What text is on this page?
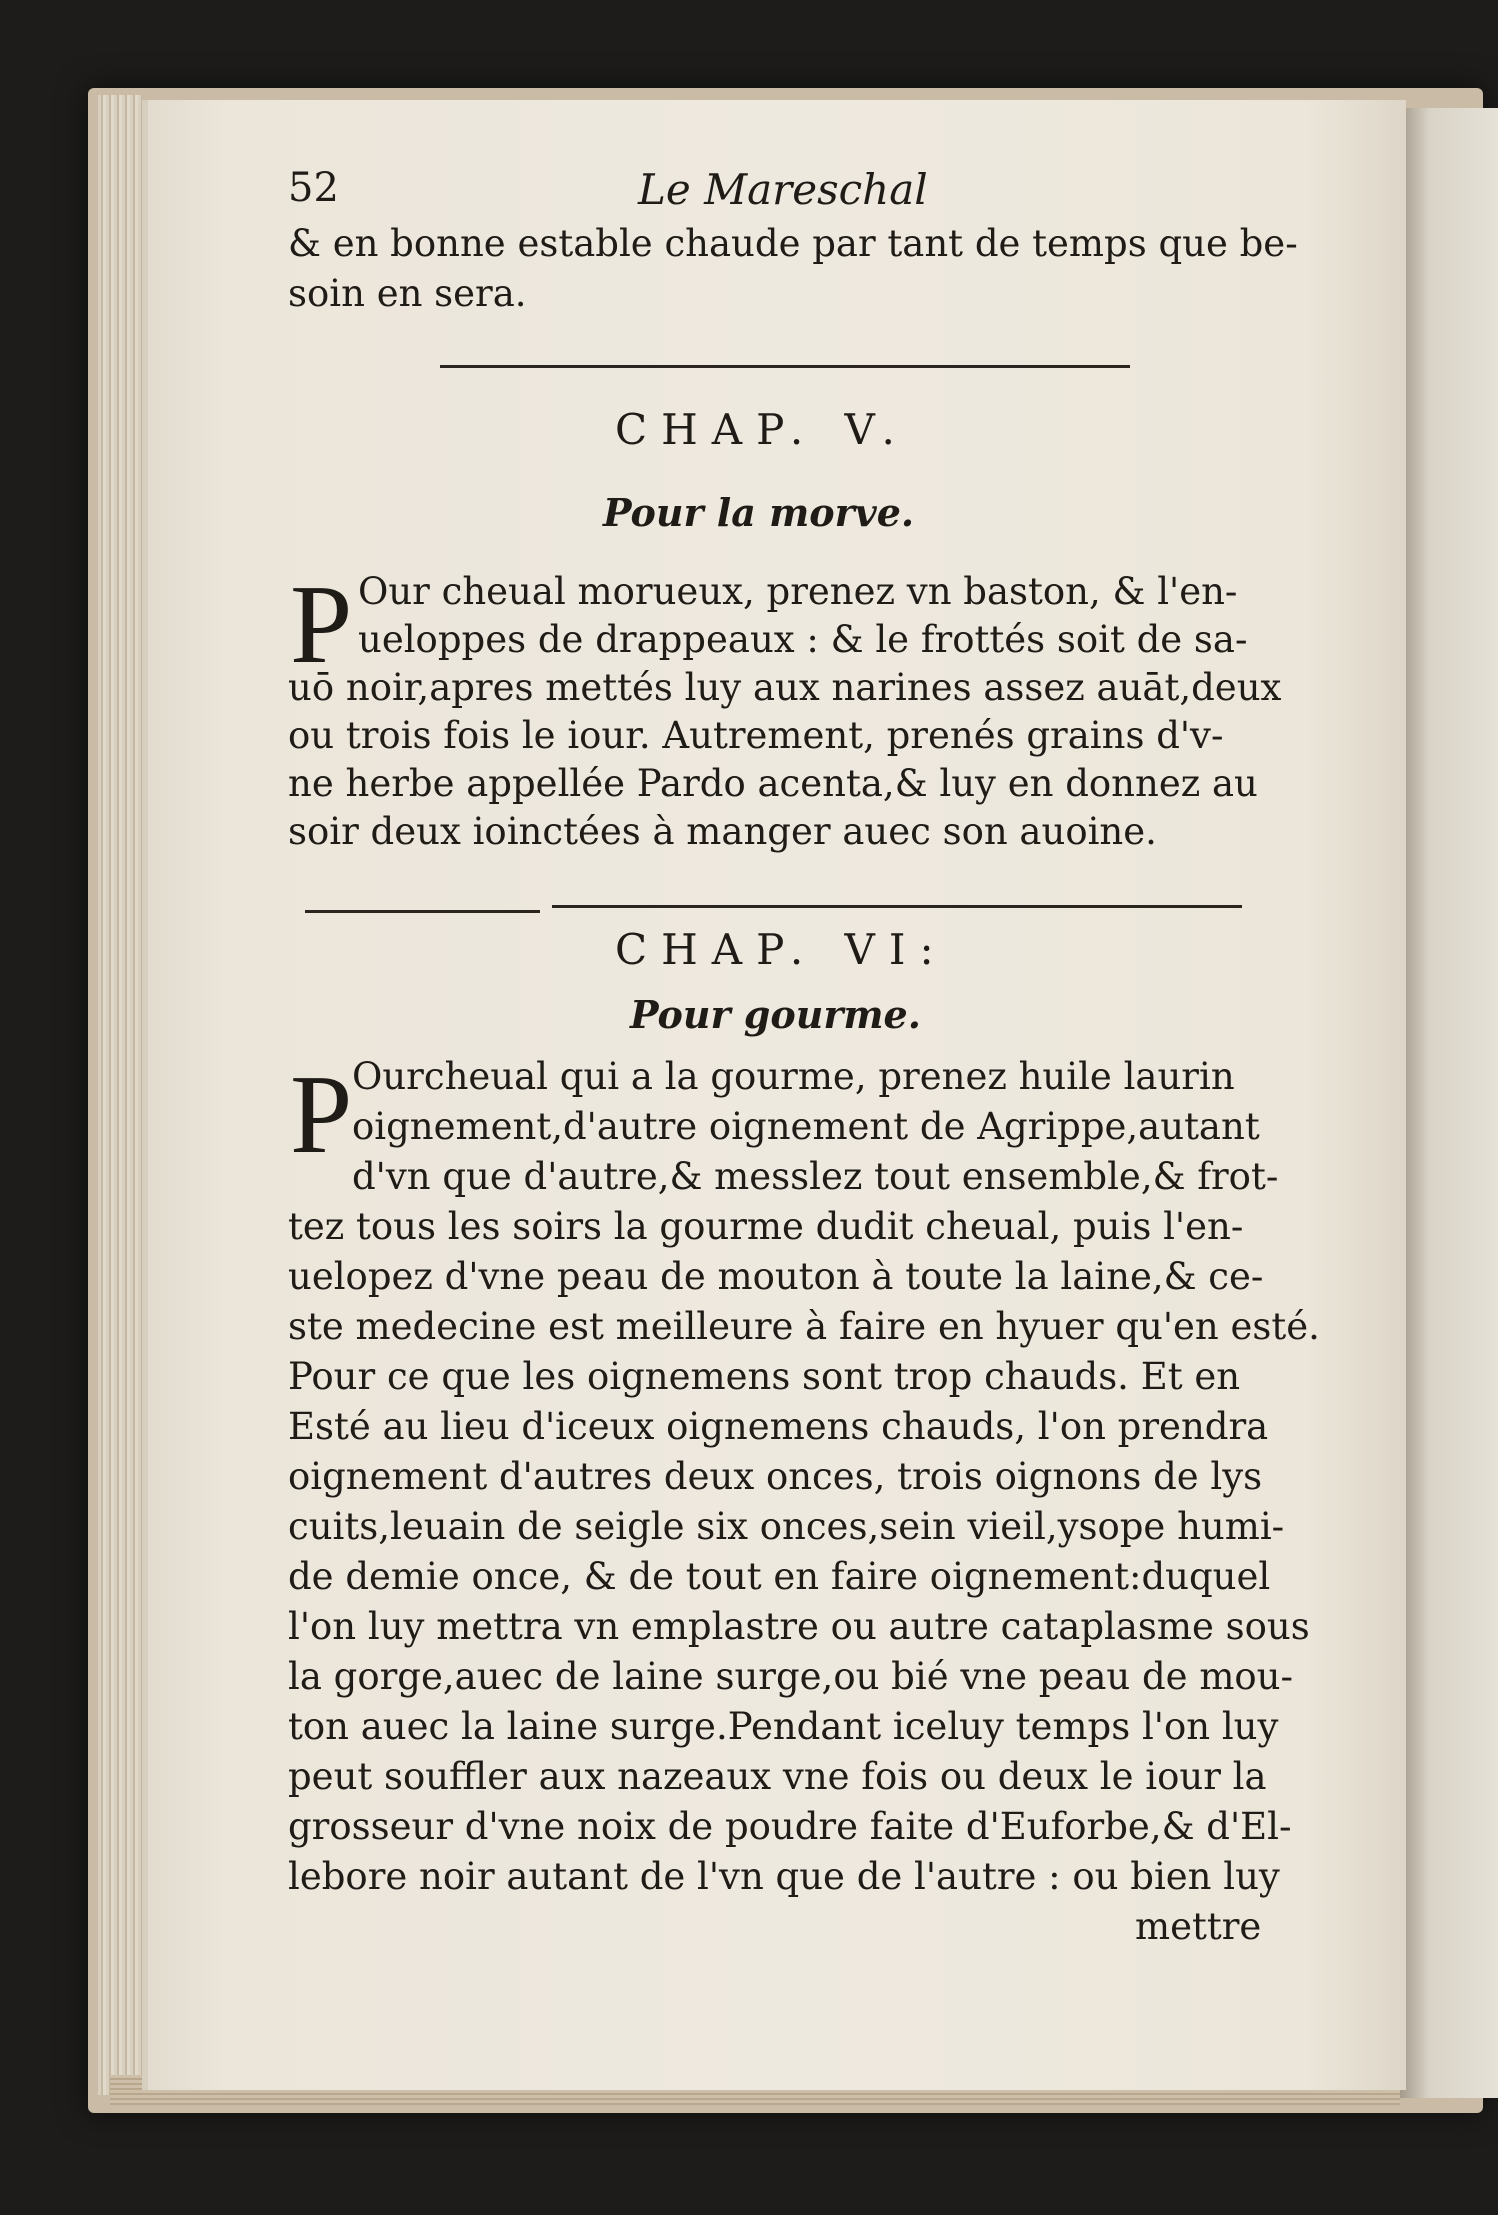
52	Le Mareschal
& en bonne estable chaude par tant de temps que be-
soin en sera.
CHAP. V.
Pour la morve.
P Our cheual morueux, prenez vn baston, & l'en-
ueloppes de drappeaux : & le frottés soit de sa-
uō noir,apres mettés luy aux narines assez auāt,deux
ou trois fois le iour. Autrement, prenés grains d'v-
ne herbe appellée Pardo acenta,& luy en donnez au
soir deux ioinctées à manger auec son auoine.
CHAP. VI:
Pour gourme.
P Ourcheual qui a la gourme, prenez huile laurin
oignement,d'autre oignement de Agrippe,autant
d'vn que d'autre,& messlez tout ensemble,& frot-
tez tous les soirs la gourme dudit cheual, puis l'en-
uelopez d'vne peau de mouton à toute la laine,& ce-
ste medecine est meilleure à faire en hyuer qu'en esté.
Pour ce que les oignemens sont trop chauds. Et en
Esté au lieu d'iceux oignemens chauds, l'on prendra
oignement d'autres deux onces, trois oignons de lys
cuits,leuain de seigle six onces,sein vieil,ysope humi-
de demie once, & de tout en faire oignement:duquel
l'on luy mettra vn emplastre ou autre cataplasme sous
la gorge,auec de laine surge,ou bié vne peau de mou-
ton auec la laine surge.Pendant iceluy temps l'on luy
peut souffler aux nazeaux vne fois ou deux le iour la
grosseur d'vne noix de poudre faite d'Euforbe,& d'El-
lebore noir autant de l'vn que de l'autre : ou bien luy
mettre
